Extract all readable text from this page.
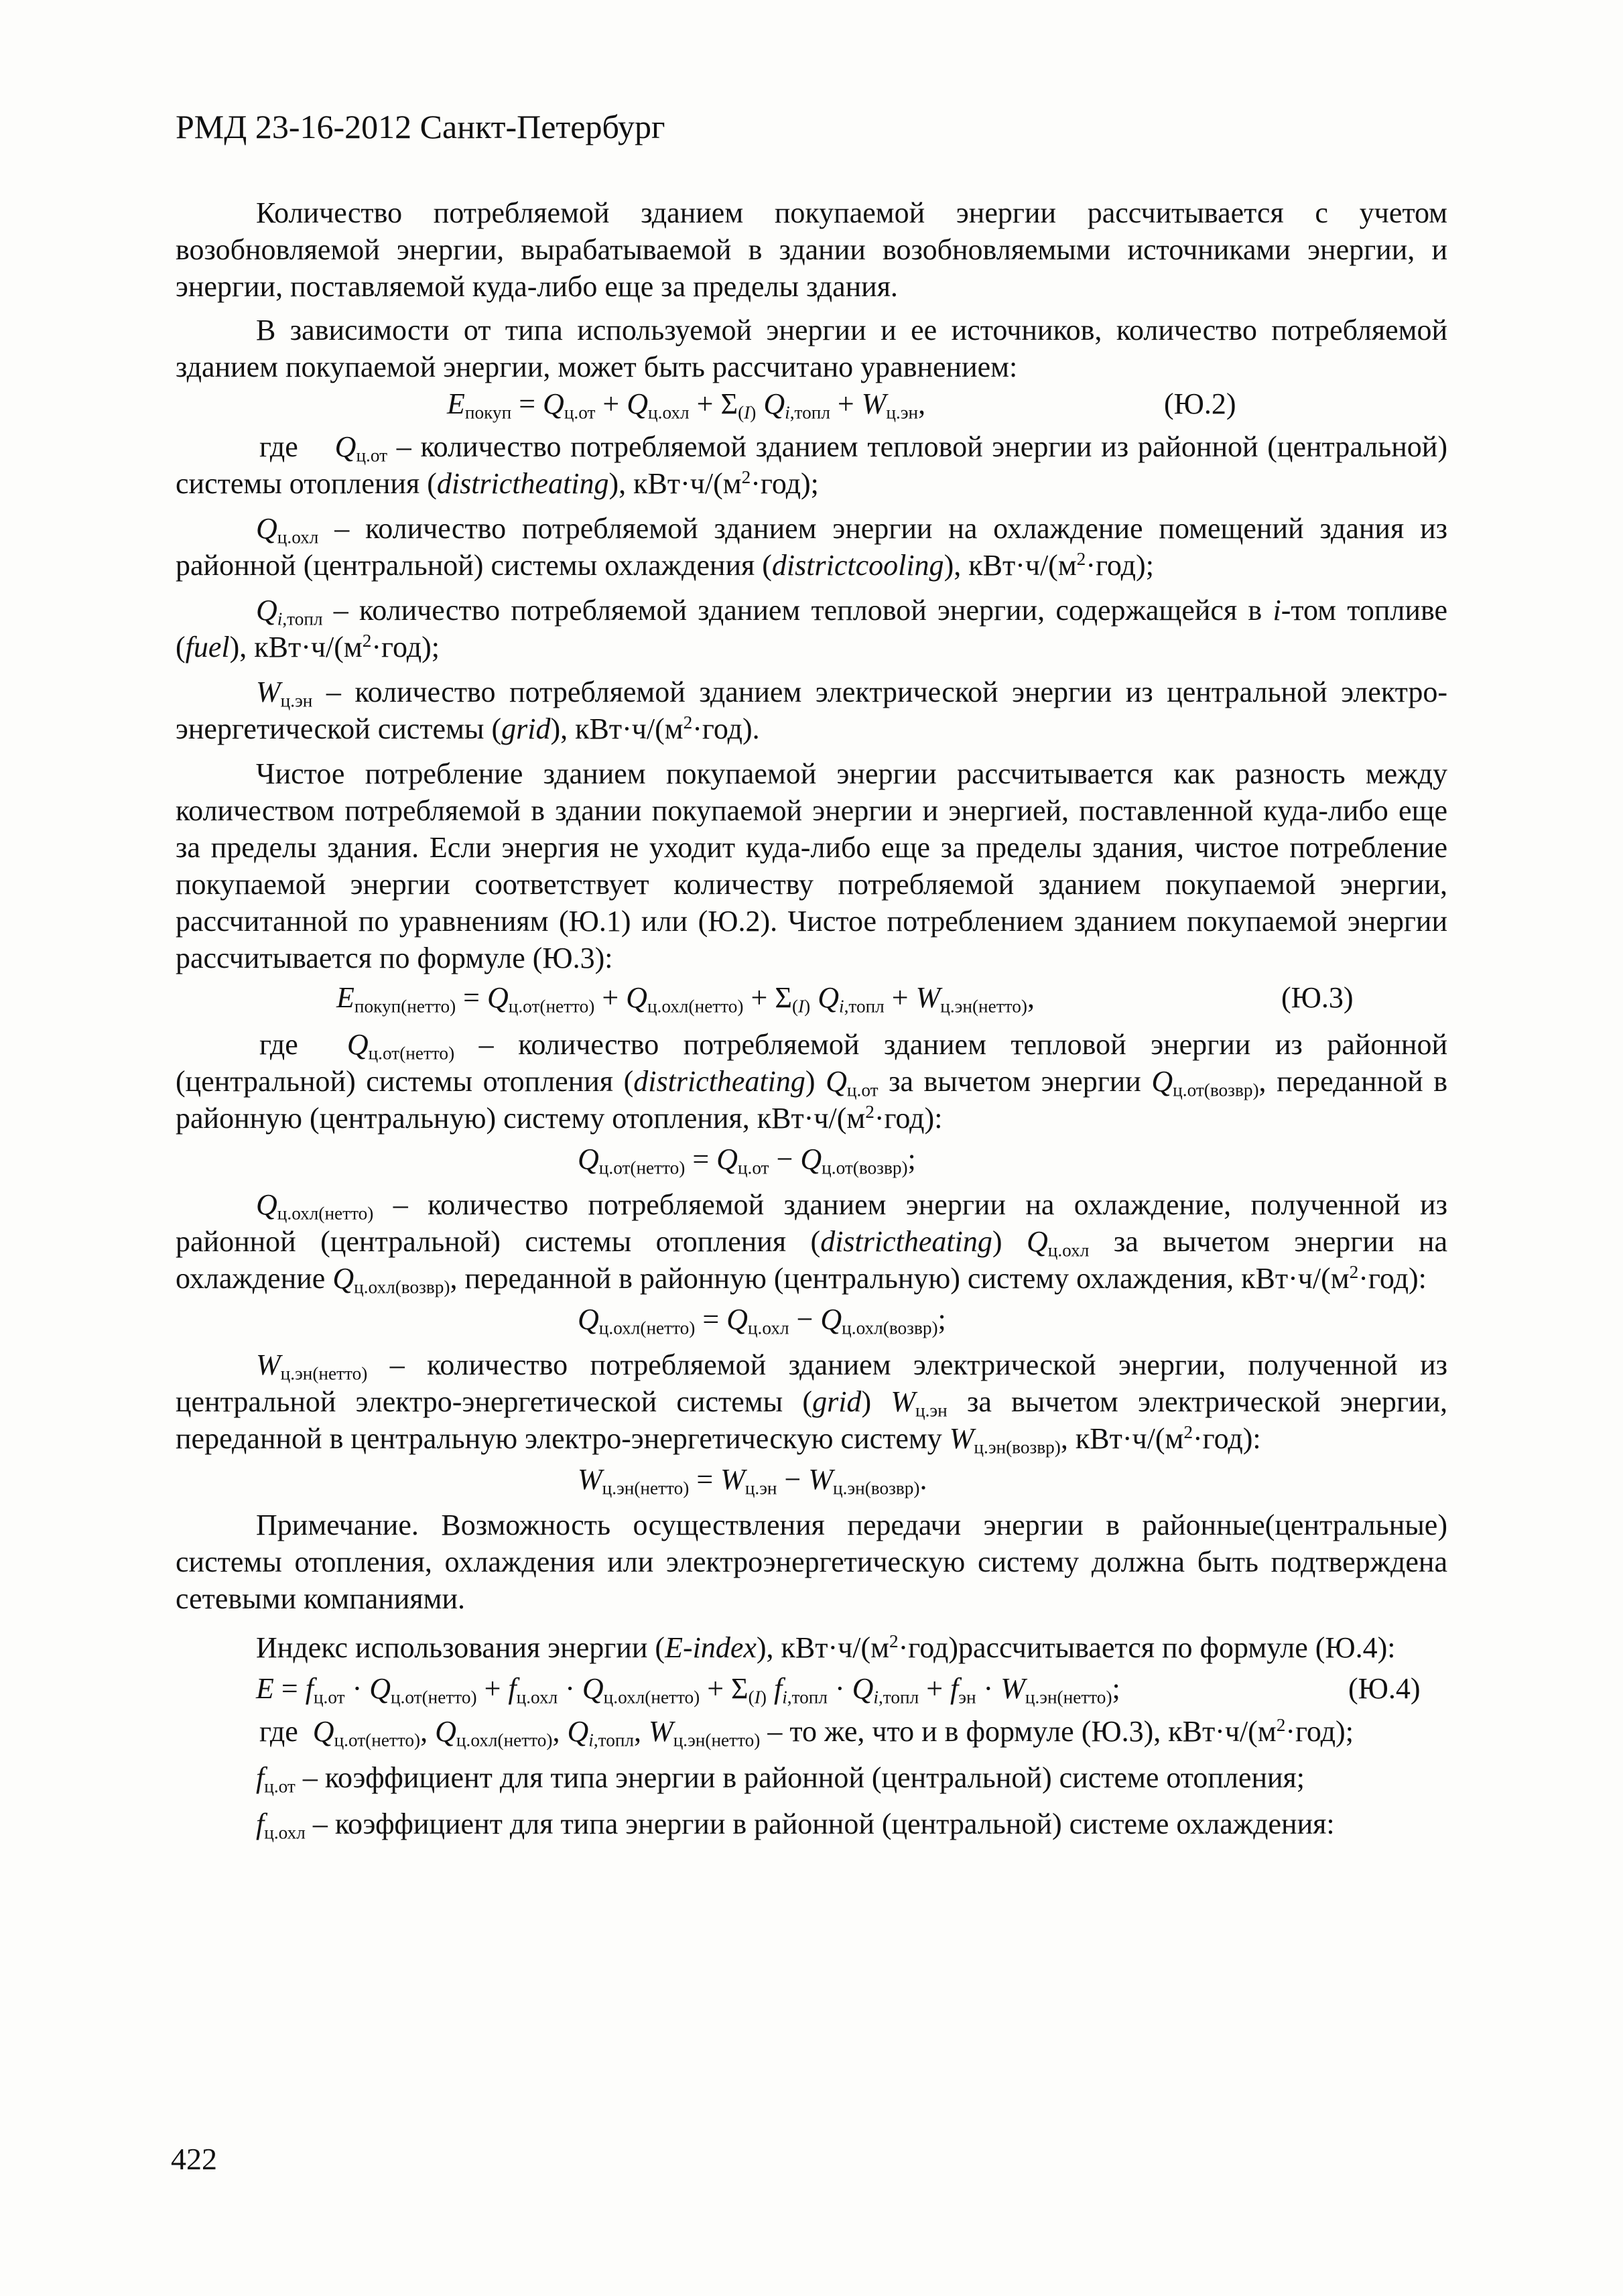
РМД 23-16-2012 Санкт-Петербург

Количество потребляемой зданием покупаемой энергии рассчитывается с учетом возобновляемой энергии, вырабатываемой в здании возобновляемыми источниками энергии, и энергии, поставляемой куда-либо еще за пределы здания.

В зависимости от типа используемой энергии и ее источников, количество потребляемой зданием покупаемой энергии, может быть рассчитано уравнением:

$E_{покуп} = Q_{ц.от} + Q_{ц.охл} + \Sigma_{(I)}$ $Q_{i,топл} + W_{ц.эн}$,	(Ю.2)

где $Q_{ц.от}$ – количество потребляемой зданием тепловой энергии из районной (центральной) системы отопления (districtheating), $кВт\cdot ч/(м^2\cdot год)$;

$Q_{ц.охл}$ – количество потребляемой зданием энергии на охлаждение помещений здания из районной (центральной) системы охлаждения (districtcooling), $кВт\cdot ч/(м^2\cdot год)$;

$Q_{i,топл}$ – количество потребляемой зданием тепловой энергии, содержащейся в i-том топливе (fuel), $кВт\cdot ч/(м^2\cdot год)$;

$W_{ц.эн}$ – количество потребляемой зданием электрической энергии из центральной электро-энергетической системы (grid), $кВт\cdot ч/(м^2\cdot год)$.

Чистое потребление зданием покупаемой энергии рассчитывается как разность между количеством потребляемой в здании покупаемой энергии и энергией, поставленной куда-либо еще за пределы здания. Если энергия не уходит куда-либо еще за пределы здания, чистое потребление покупаемой энергии соответствует количеству потребляемой зданием покупаемой энергии, рассчитанной по уравнениям (Ю.1) или (Ю.2). Чистое потреблением зданием покупаемой энергии рассчитывается по формуле (Ю.3):

$E_{покуп(нетто)} = Q_{ц.от(нетто)} + Q_{ц.охл(нетто)} + \Sigma_{(I)}$ $Q_{i,топл} + W_{ц.эн(нетто)}$,	(Ю.3)

где $Q_{ц.от(нетто)}$ – количество потребляемой зданием тепловой энергии из районной (центральной) системы отопления (districtheating) $Q_{ц.от}$ за вычетом энергии $Q_{ц.от(возвр)}$, переданной в районную (центральную) систему отопления, $кВт\cdot ч/(м^2\cdot год)$:

$Q_{ц.от(нетто)} = Q_{ц.от} - Q_{ц.от(возвр)}$;

$Q_{ц.охл(нетто)}$ – количество потребляемой зданием энергии на охлаждение, полученной из районной (центральной) системы отопления (districtheating) $Q_{ц.охл}$ за вычетом энергии на охлаждение $Q_{ц.охл(возвр)}$, переданной в районную (центральную) систему охлаждения, $кВт\cdot ч/(м^2\cdot год)$:

$Q_{ц.охл(нетто)} = Q_{ц.охл} - Q_{ц.охл(возвр)}$;

$W_{ц.эн(нетто)}$ – количество потребляемой зданием электрической энергии, полученной из центральной электро-энергетической системы (grid) $W_{ц.эн}$ за вычетом электрической энергии, переданной в центральную электро-энергетическую систему $W_{ц.эн(возвр)}$, $кВт\cdot ч/(м^2\cdot год)$:

$W_{ц.эн(нетто)} = W_{ц.эн} - W_{ц.эн(возвр)}$.

Примечание. Возможность осуществления передачи энергии в районные(центральные) системы отопления, охлаждения или электроэнергетическую систему должна быть подтверждена сетевыми компаниями.

Индекс использования энергии (E-index), $кВт\cdot ч/(м^2\cdot год)рассчитывается$ по формуле (Ю.4):

$E = f_{ц.от} \cdot Q_{ц.от(нетто)} + f_{ц.охл} \cdot Q_{ц.охл(нетто)} + \Sigma_{(I)}$ $f_{i,топл} \cdot Q_{i,топл} + f_{эн} \cdot W_{ц.эн(нетто)}$;	(Ю.4)

где $Q_{ц.от(нетто)}$, $Q_{ц.охл(нетто)}$, $Q_{i,топл}$, $W_{ц.эн(нетто)}$ – то же, что и в формуле (Ю.3), $кВт\cdot ч/(м^2\cdot год)$;

$f_{ц.от}$ – коэффициент для типа энергии в районной (центральной) системе отопления;

$f_{ц.охл}$ – коэффициент для типа энергии в районной (центральной) системе охлаждения:

422
